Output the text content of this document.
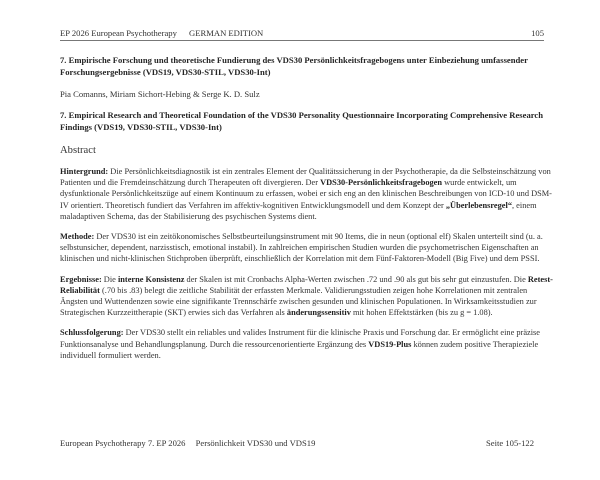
EP 2026 European Psychotherapy GERMAN EDITION	105

7. Empirische Forschung und theoretische Fundierung des VDS30 Persönlichkeitsfragebogens unter Einbeziehung umfassender Forschungsergebnisse (VDS19, VDS30-STIL, VDS30-Int)

Pia Comanns, Miriam Sichort-Hebing & Serge K. D. Sulz

7. Empirical Research and Theoretical Foundation of the VDS30 Personality Questionnaire Incorporating Comprehensive Research Findings (VDS19, VDS30-STIL, VDS30-Int)

Abstract

Hintergrund: Die Persönlichkeitsdiagnostik ist ein zentrales Element der Qualitätssicherung in der Psychotherapie, da die Selbsteinschätzung von Patienten und die Fremdeinschätzung durch Therapeuten oft divergieren. Der VDS30-Persönlichkeitsfragebogen wurde entwickelt, um dysfunktionale Persönlichkeitszüge auf einem Kontinuum zu erfassen, wobei er sich eng an den klinischen Beschreibungen von ICD-10 und DSM-IV orientiert. Theoretisch fundiert das Verfahren im affektiv-kognitiven Entwicklungsmodell und dem Konzept der „Überlebensregel“, einem maladaptiven Schema, das der Stabilisierung des psychischen Systems dient.

Methode: Der VDS30 ist ein zeitökonomisches Selbstbeurteilungsinstrument mit 90 Items, die in neun (optional elf) Skalen unterteilt sind (u. a. selbstunsicher, dependent, narzisstisch, emotional instabil). In zahlreichen empirischen Studien wurden die psychometrischen Eigenschaften an klinischen und nicht-klinischen Stichproben überprüft, einschließlich der Korrelation mit dem Fünf-Faktoren-Modell (Big Five) und dem PSSI.

Ergebnisse: Die interne Konsistenz der Skalen ist mit Cronbachs Alpha-Werten zwischen .72 und .90 als gut bis sehr gut einzustufen. Die Retest-Reliabilität (.70 bis .83) belegt die zeitliche Stabilität der erfassten Merkmale. Validierungsstudien zeigen hohe Korrelationen mit zentralen Ängsten und Wuttendenzen sowie eine signifikante Trennschärfe zwischen gesunden und klinischen Populationen. In Wirksamkeitsstudien zur Strategischen Kurzzeittherapie (SKT) erwies sich das Verfahren als änderungssensitiv mit hohen Effektstärken (bis zu g = 1.08).

Schlussfolgerung: Der VDS30 stellt ein reliables und valides Instrument für die klinische Praxis und Forschung dar. Er ermöglicht eine präzise Funktionsanalyse und Behandlungsplanung. Durch die ressourcenorientierte Ergänzung des VDS19-Plus können zudem positive Therapieziele individuell formuliert werden.

European Psychotherapy 7. EP 2026 Persönlichkeit VDS30 und VDS19	Seite 105-122
